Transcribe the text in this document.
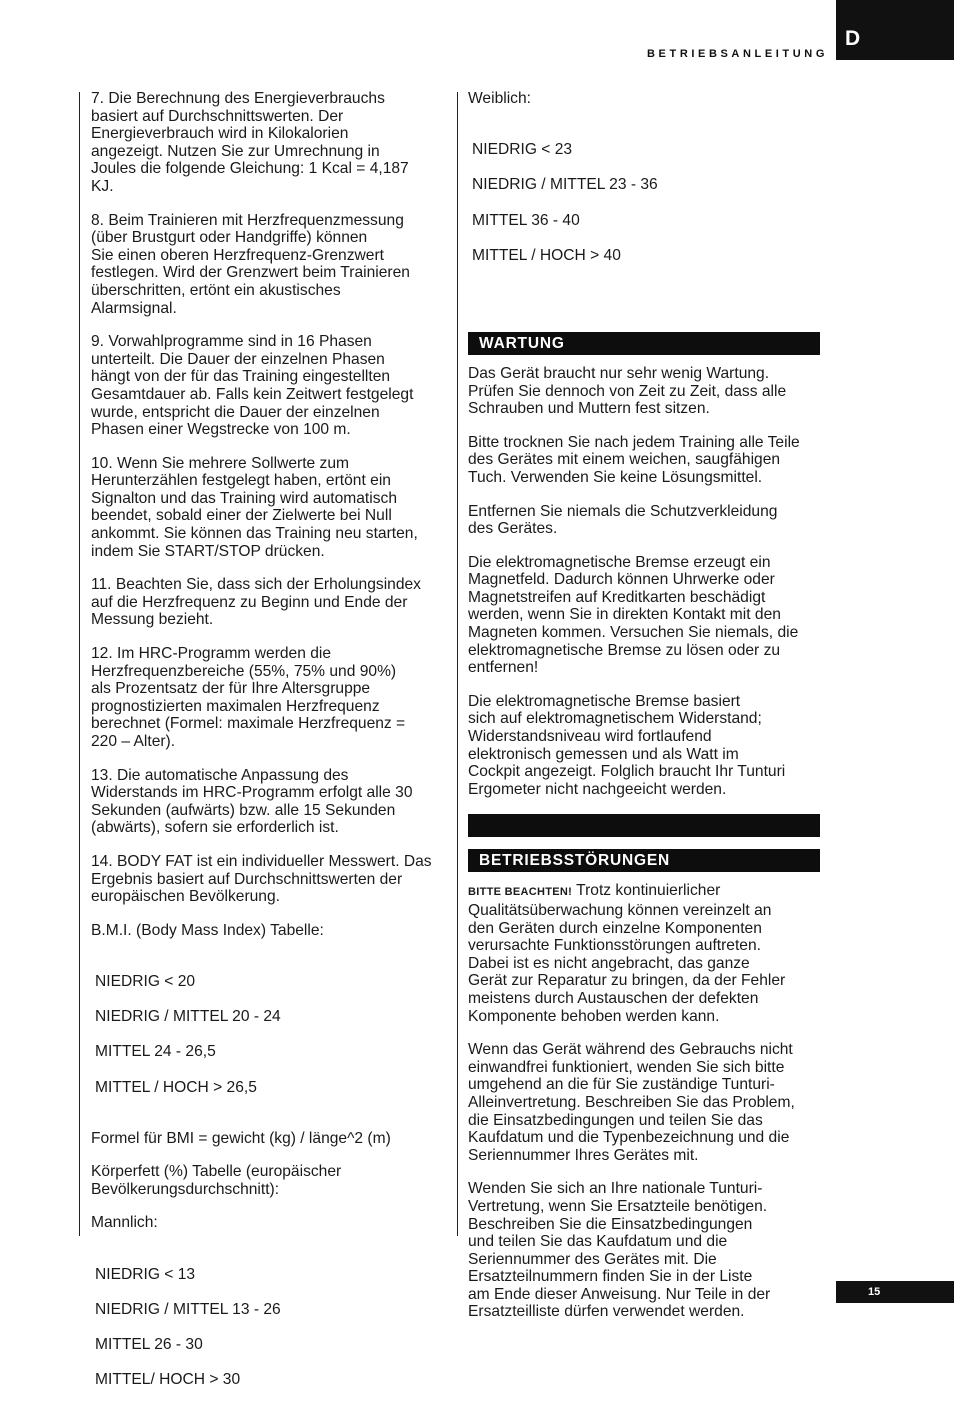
D
BETRIEBSANLEITUNG

7. Die Berechnung des Energieverbrauchs
basiert auf Durchschnittswerten. Der
Energieverbrauch wird in Kilokalorien
angezeigt. Nutzen Sie zur Umrechnung in
Joules die folgende Gleichung: 1 Kcal = 4,187
KJ.

8. Beim Trainieren mit Herzfrequenzmessung
(über Brustgurt oder Handgriffe) können
Sie einen oberen Herzfrequenz-Grenzwert
festlegen. Wird der Grenzwert beim Trainieren
überschritten, ertönt ein akustisches
Alarmsignal.

9. Vorwahlprogramme sind in 16 Phasen
unterteilt. Die Dauer der einzelnen Phasen
hängt von der für das Training eingestellten
Gesamtdauer ab. Falls kein Zeitwert festgelegt
wurde, entspricht die Dauer der einzelnen
Phasen einer Wegstrecke von 100 m.

10. Wenn Sie mehrere Sollwerte zum
Herunterzählen festgelegt haben, ertönt ein
Signalton und das Training wird automatisch
beendet, sobald einer der Zielwerte bei Null
ankommt. Sie können das Training neu starten,
indem Sie START/STOP drücken.

11. Beachten Sie, dass sich der Erholungsindex
auf die Herzfrequenz zu Beginn und Ende der
Messung bezieht.

12. Im HRC-Programm werden die
Herzfrequenzbereiche (55%, 75% und 90%)
als Prozentsatz der für Ihre Altersgruppe
prognostizierten maximalen Herzfrequenz
berechnet (Formel: maximale Herzfrequenz =
220 – Alter).

13. Die automatische Anpassung des
Widerstands im HRC-Programm erfolgt alle 30
Sekunden (aufwärts) bzw. alle 15 Sekunden
(abwärts), sofern sie erforderlich ist.

14. BODY FAT ist ein individueller Messwert. Das
Ergebnis basiert auf Durchschnittswerten der
europäischen Bevölkerung.

B.M.I. (Body Mass Index) Tabelle:

NIEDRIG < 20

NIEDRIG / MITTEL 20 - 24

MITTEL 24 - 26,5

MITTEL / HOCH > 26,5

Formel für BMI = gewicht (kg) / länge^2 (m)

Körperfett (%) Tabelle (europäischer
Bevölkerungsdurchschnitt):

Mannlich:

NIEDRIG < 13

NIEDRIG / MITTEL 13 - 26

MITTEL 26 - 30

MITTEL/ HOCH > 30

Weiblich:

NIEDRIG < 23

NIEDRIG / MITTEL 23 - 36

MITTEL 36 - 40

MITTEL / HOCH > 40

WARTUNG

Das Gerät braucht nur sehr wenig Wartung.
Prüfen Sie dennoch von Zeit zu Zeit, dass alle
Schrauben und Muttern fest sitzen.

Bitte trocknen Sie nach jedem Training alle Teile
des Gerätes mit einem weichen, saugfähigen
Tuch. Verwenden Sie keine Lösungsmittel.

Entfernen Sie niemals die Schutzverkleidung
des Gerätes.

Die elektromagnetische Bremse erzeugt ein
Magnetfeld. Dadurch können Uhrwerke oder
Magnetstreifen auf Kreditkarten beschädigt
werden, wenn Sie in direkten Kontakt mit den
Magneten kommen. Versuchen Sie niemals, die
elektromagnetische Bremse zu lösen oder zu
entfernen!

Die elektromagnetische Bremse basiert
sich auf elektromagnetischem Widerstand;
Widerstandsniveau wird fortlaufend
elektronisch gemessen und als Watt im
Cockpit angezeigt. Folglich braucht Ihr Tunturi
Ergometer nicht nachgeeicht werden.

BETRIEBSSTÖRUNGEN

BITTE BEACHTEN! Trotz kontinuierlicher
Qualitätsüberwachung können vereinzelt an
den Geräten durch einzelne Komponenten
verursachte Funktionsstörungen auftreten.
Dabei ist es nicht angebracht, das ganze
Gerät zur Reparatur zu bringen, da der Fehler
meistens durch Austauschen der defekten
Komponente behoben werden kann.

Wenn das Gerät während des Gebrauchs nicht
einwandfrei funktioniert, wenden Sie sich bitte
umgehend an die für Sie zuständige Tunturi-
Alleinvertretung. Beschreiben Sie das Problem,
die Einsatzbedingungen und teilen Sie das
Kaufdatum und die Typenbezeichnung und die
Seriennummer Ihres Gerätes mit.

Wenden Sie sich an Ihre nationale Tunturi-
Vertretung, wenn Sie Ersatzteile benötigen.
Beschreiben Sie die Einsatzbedingungen
und teilen Sie das Kaufdatum und die
Seriennummer des Gerätes mit. Die
Ersatzteilnummern finden Sie in der Liste
am Ende dieser Anweisung. Nur Teile in der
Ersatzteilliste dürfen verwendet werden.

15
